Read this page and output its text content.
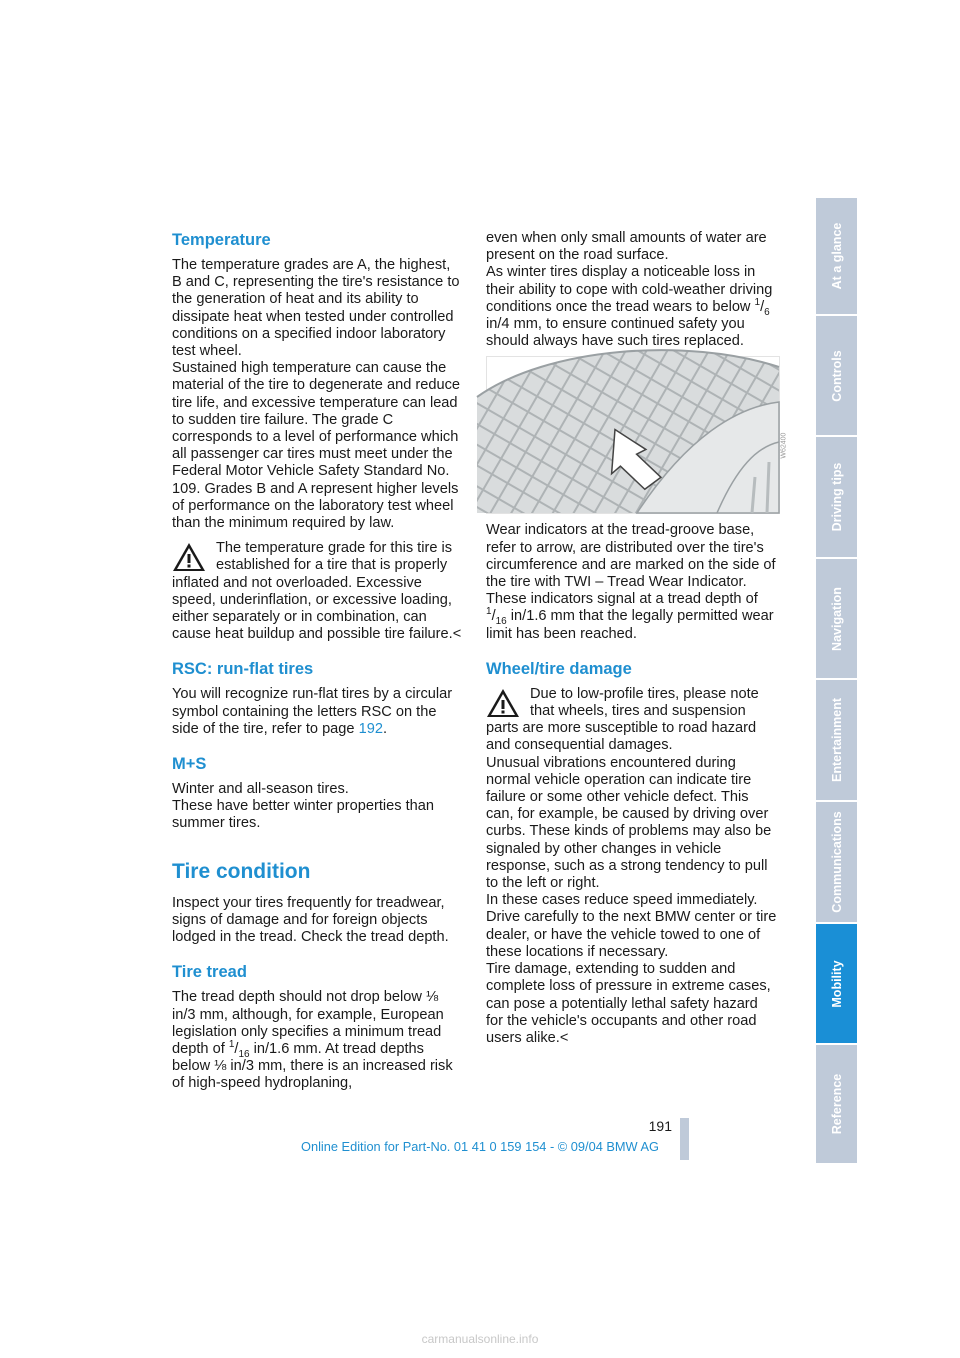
Temperature

The temperature grades are A, the highest, B and C, representing the tire's resistance to the generation of heat and its ability to dissipate heat when tested under controlled conditions on a specified indoor laboratory test wheel.

Sustained high temperature can cause the material of the tire to degenerate and reduce tire life, and excessive temperature can lead to sudden tire failure. The grade C corresponds to a level of performance which all passenger car tires must meet under the Federal Motor Vehicle Safety Standard No. 109. Grades B and A represent higher levels of performance on the laboratory test wheel than the minimum required by law.

The temperature grade for this tire is established for a tire that is properly inflated and not overloaded. Excessive speed, underinflation, or excessive loading, either separately or in combination, can cause heat buildup and possible tire failure.<

RSC: run-flat tires

You will recognize run-flat tires by a circular symbol containing the letters RSC on the side of the tire, refer to page 192.

M+S

Winter and all-season tires.

These have better winter properties than summer tires.

Tire condition

Inspect your tires frequently for treadwear, signs of damage and for foreign objects lodged in the tread. Check the tread depth.

Tire tread

The tread depth should not drop below ⅛ in/3 mm, although, for example, European legislation only specifies a minimum tread depth of $^1/_{16}$ in/1.6 mm. At tread depths below ⅛ in/3 mm, there is an increased risk of high-speed hydroplaning,

even when only small amounts of water are present on the road surface.

As winter tires display a noticeable loss in their ability to cope with cold-weather driving conditions once the tread wears to below $^1/_6$ in/4 mm, to ensure continued safety you should always have such tires replaced.

W62400

Wear indicators at the tread-groove base, refer to arrow, are distributed over the tire's circumference and are marked on the side of the tire with TWI – Tread Wear Indicator. These indicators signal at a tread depth of $^1/_{16}$ in/1.6 mm that the legally permitted wear limit has been reached.

Wheel/tire damage

Due to low-profile tires, please note that wheels, tires and suspension parts are more susceptible to road hazard and consequential damages.

Unusual vibrations encountered during normal vehicle operation can indicate tire failure or some other vehicle defect. This can, for example, be caused by driving over curbs. These kinds of problems may also be signaled by other changes in vehicle response, such as a strong tendency to pull to the left or right.

In these cases reduce speed immediately. Drive carefully to the next BMW center or tire dealer, or have the vehicle towed to one of these locations if necessary.

Tire damage, extending to sudden and complete loss of pressure in extreme cases, can pose a potentially lethal safety hazard for the vehicle's occupants and other road users alike.<

At a glance
Controls
Driving tips
Navigation
Entertainment
Communications
Mobility
Reference
191
Online Edition for Part-No. 01 41 0 159 154 - © 09/04 BMW AG
carmanualsonline.info
